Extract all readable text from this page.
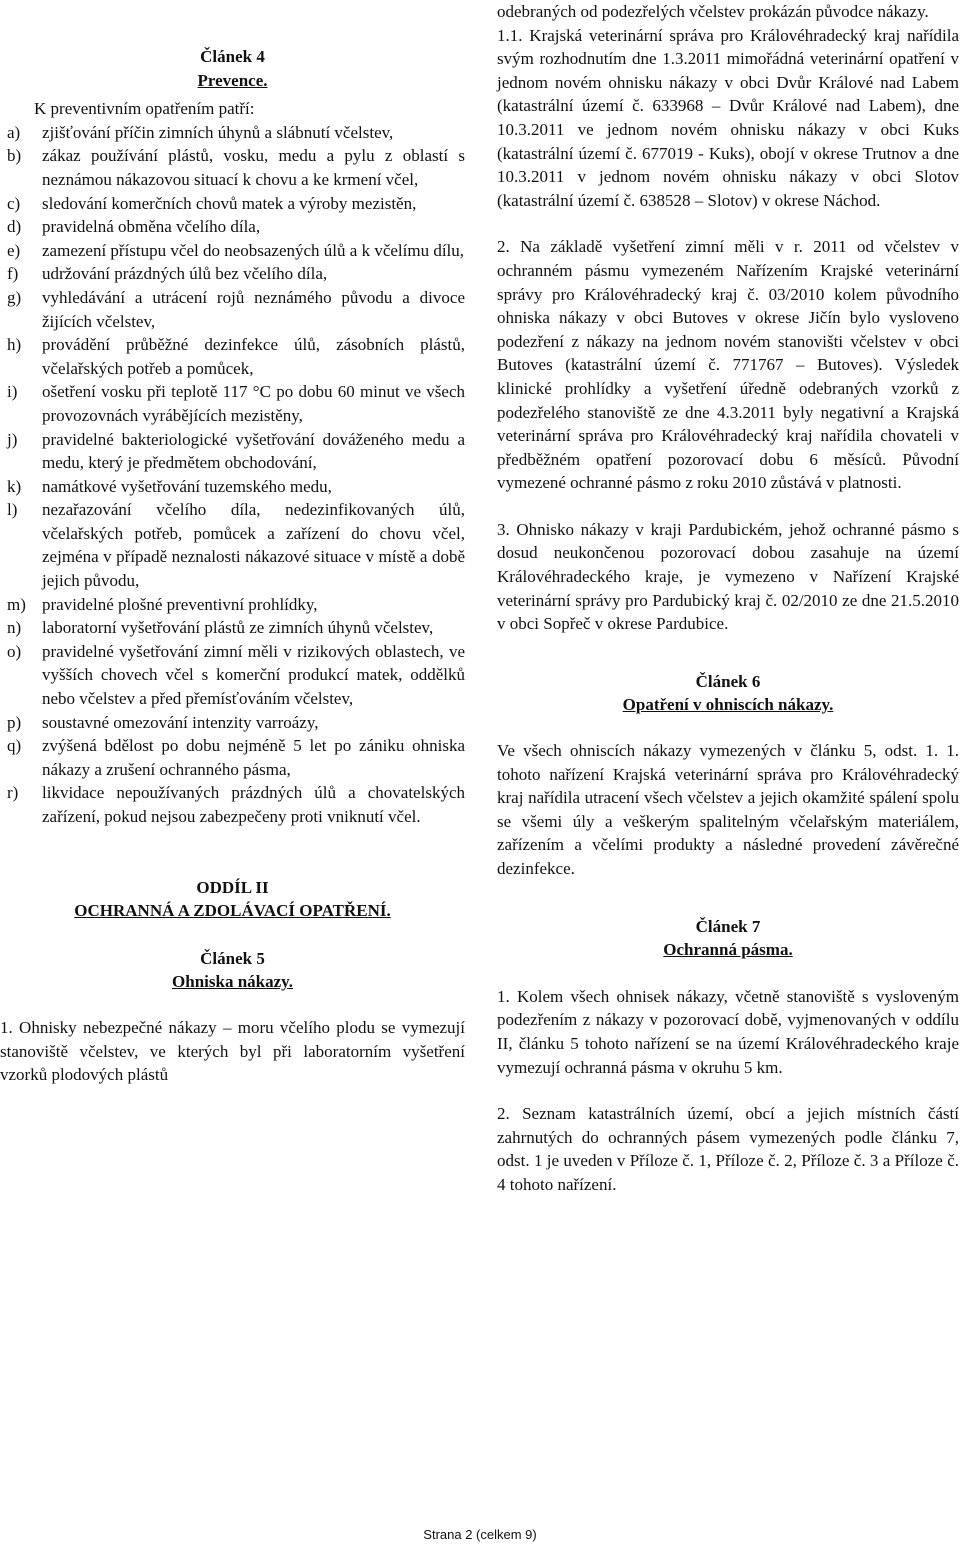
Článek 4
Prevence.

K preventivním opatřením patří:

a)	zjišťování příčin zimních úhynů a slábnutí včelstev,
b)	zákaz používání plástů, vosku, medu a pylu z oblastí s neznámou nákazovou situací k chovu a ke krmení včel,
c)	sledování komerčních chovů matek a výroby mezistěn,
d)	pravidelná obměna včelího díla,
e)	zamezení přístupu včel do neobsazených úlů a k včelímu dílu,
f)	udržování prázdných úlů bez včelího díla,
g)	vyhledávání a utrácení rojů neznámého původu a divoce žijících včelstev,
h)	provádění průběžné dezinfekce úlů, zásobních plástů, včelařských potřeb a pomůcek,
i)	ošetření vosku při teplotě 117 °C po dobu 60 minut ve všech provozovnách vyrábějících mezistěny,
j)	pravidelné bakteriologické vyšetřování dováženého medu a medu, který je předmětem obchodování,
k)	namátkové vyšetřování tuzemského medu,
l)	nezařazování včelího díla, nedezinfikovaných úlů, včelařských potřeb, pomůcek a zařízení do chovu včel, zejména v případě neznalosti nákazové situace v místě a době jejich původu,
m) pravidelné plošné preventivní prohlídky,
n)	laboratorní vyšetřování plástů ze zimních úhynů včelstev,
o)	pravidelné vyšetřování zimní měli v rizikových oblastech, ve vyšších chovech včel s komerční produkcí matek, oddělků nebo včelstev a před přemísťováním včelstev,
p)	soustavné omezování intenzity varroázy,
q)	zvýšená bdělost po dobu nejméně 5 let po zániku ohniska nákazy a zrušení ochranného pásma,
r)	likvidace nepoužívaných prázdných úlů a chovatelských zařízení, pokud nejsou zabezpečeny proti vniknutí včel.
ODDÍL II
OCHRANNÁ A ZDOLÁVACÍ OPATŘENÍ.
Článek 5
Ohniska nákazy.

1. Ohnisky nebezpečné nákazy – moru včelího plodu se vymezují stanoviště včelstev, ve kterých byl při laboratorním vyšetření vzorků plodových plástů

odebraných od podezřelých včelstev prokázán původce nákazy.

1.1. Krajská veterinární správa pro Královéhradecký kraj nařídila svým rozhodnutím dne 1.3.2011 mimořádná veterinární opatření v jednom novém ohnisku nákazy v obci Dvůr Králové nad Labem (katastrální území č. 633968 – Dvůr Králové nad Labem), dne 10.3.2011 ve jednom novém ohnisku nákazy v obci Kuks (katastrální území č. 677019 - Kuks), obojí v okrese Trutnov a dne 10.3.2011 v jednom novém ohnisku nákazy v obci Slotov (katastrální území č. 638528 – Slotov) v okrese Náchod.

2. Na základě vyšetření zimní měli v r. 2011 od včelstev v ochranném pásmu vymezeném Nařízením Krajské veterinární správy pro Královéhradecký kraj č. 03/2010 kolem původního ohniska nákazy v obci Butoves v okrese Jičín bylo vysloveno podezření z nákazy na jednom novém stanovišti včelstev v obci Butoves (katastrální území č. 771767 – Butoves). Výsledek klinické prohlídky a vyšetření úředně odebraných vzorků z podezřelého stanoviště ze dne 4.3.2011 byly negativní a Krajská veterinární správa pro Královéhradecký kraj nařídila chovateli v předběžném opatření pozorovací dobu 6 měsíců. Původní vymezené ochranné pásmo z roku 2010 zůstává v platnosti.

3. Ohnisko nákazy v kraji Pardubickém, jehož ochranné pásmo s dosud neukončenou pozorovací dobou zasahuje na území Královéhradeckého kraje, je vymezeno v Nařízení Krajské veterinární správy pro Pardubický kraj č. 02/2010 ze dne 21.5.2010 v obci Sopřeč v okrese Pardubice.

Článek 6
Opatření v ohniscích nákazy.

Ve všech ohniscích nákazy vymezených v článku 5, odst. 1. 1. tohoto nařízení Krajská veterinární správa pro Královéhradecký kraj nařídila utracení všech včelstev a jejich okamžité spálení spolu se všemi úly a veškerým spalitelným včelařským materiálem, zařízením a včelími produkty a následné provedení závěrečné dezinfekce.

Článek 7
Ochranná pásma.

1. Kolem všech ohnisek nákazy, včetně stanoviště s vysloveným podezřením z nákazy v pozorovací době, vyjmenovaných v oddílu II, článku 5 tohoto nařízení se na území Královéhradeckého kraje vymezují ochranná pásma v okruhu 5 km.

2. Seznam katastrálních území, obcí a jejich místních částí zahrnutých do ochranných pásem vymezených podle článku 7, odst. 1 je uveden v Příloze č. 1, Příloze č. 2, Příloze č. 3 a Příloze č. 4 tohoto nařízení.

Strana 2 (celkem 9)
